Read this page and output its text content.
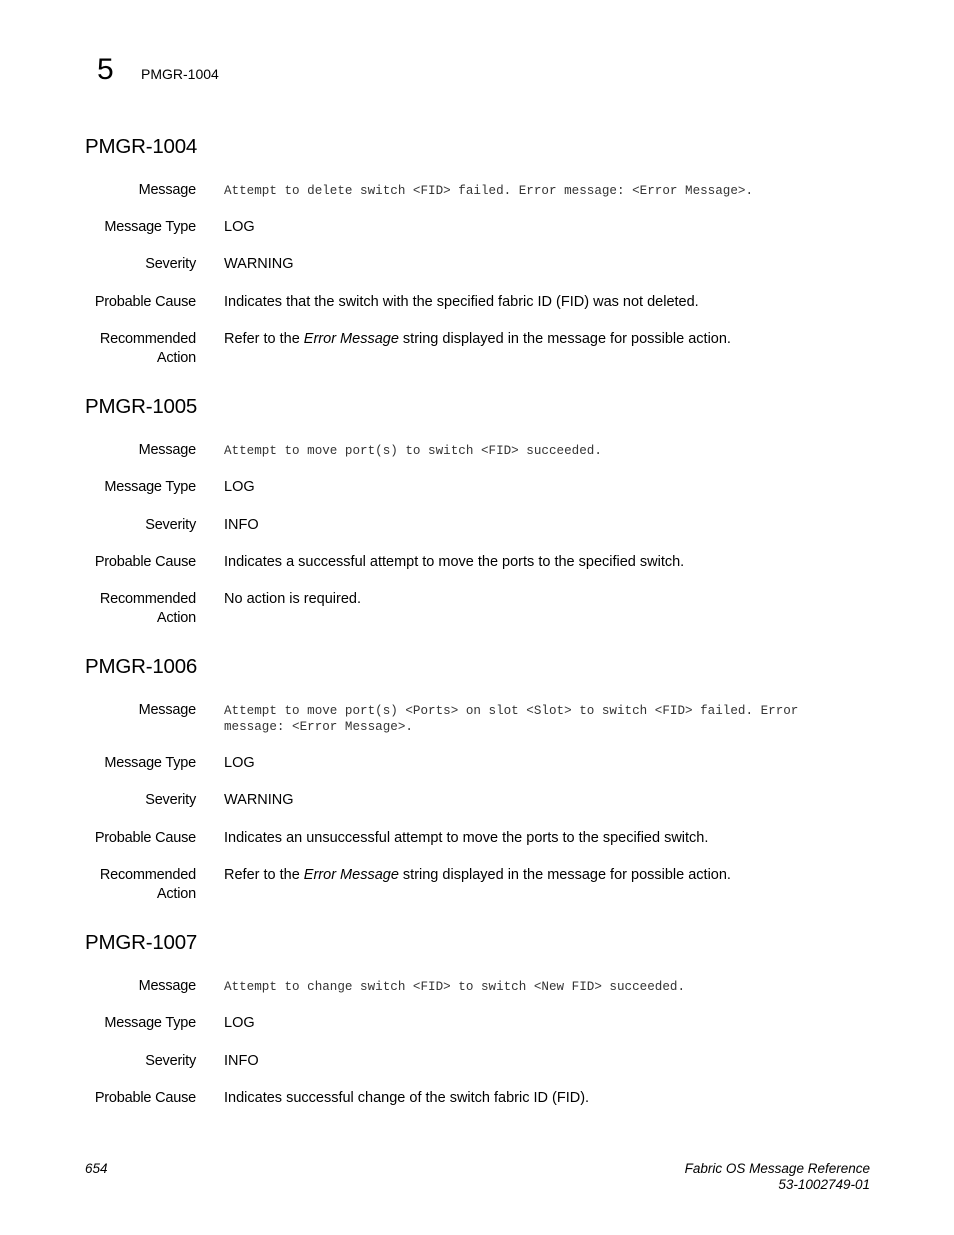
5 PMGR-1004
PMGR-1004
Message Attempt to delete switch <FID> failed. Error message: <Error Message>.
Message Type LOG
Severity WARNING
Probable Cause Indicates that the switch with the specified fabric ID (FID) was not deleted.
Recommended
Action
Refer to the Error Message string displayed in the message for possible action.
PMGR-1005
Message Attempt to move port(s) to switch <FID> succeeded.
Message Type LOG
Severity INFO
Probable Cause Indicates a successful attempt to move the ports to the specified switch.
Recommended
Action
No action is required.
PMGR-1006
Message Attempt to move port(s) <Ports> on slot <Slot> to switch <FID> failed. Error
message: <Error Message>.
Message Type LOG
Severity WARNING
Probable Cause Indicates an unsuccessful attempt to move the ports to the specified switch.
Recommended
Action
Refer to the Error Message string displayed in the message for possible action.
PMGR-1007
Message Attempt to change switch <FID> to switch <New FID> succeeded.
Message Type LOG
Severity INFO
Probable Cause Indicates successful change of the switch fabric ID (FID).
654	Fabric OS Message Reference
53-1002749-01
